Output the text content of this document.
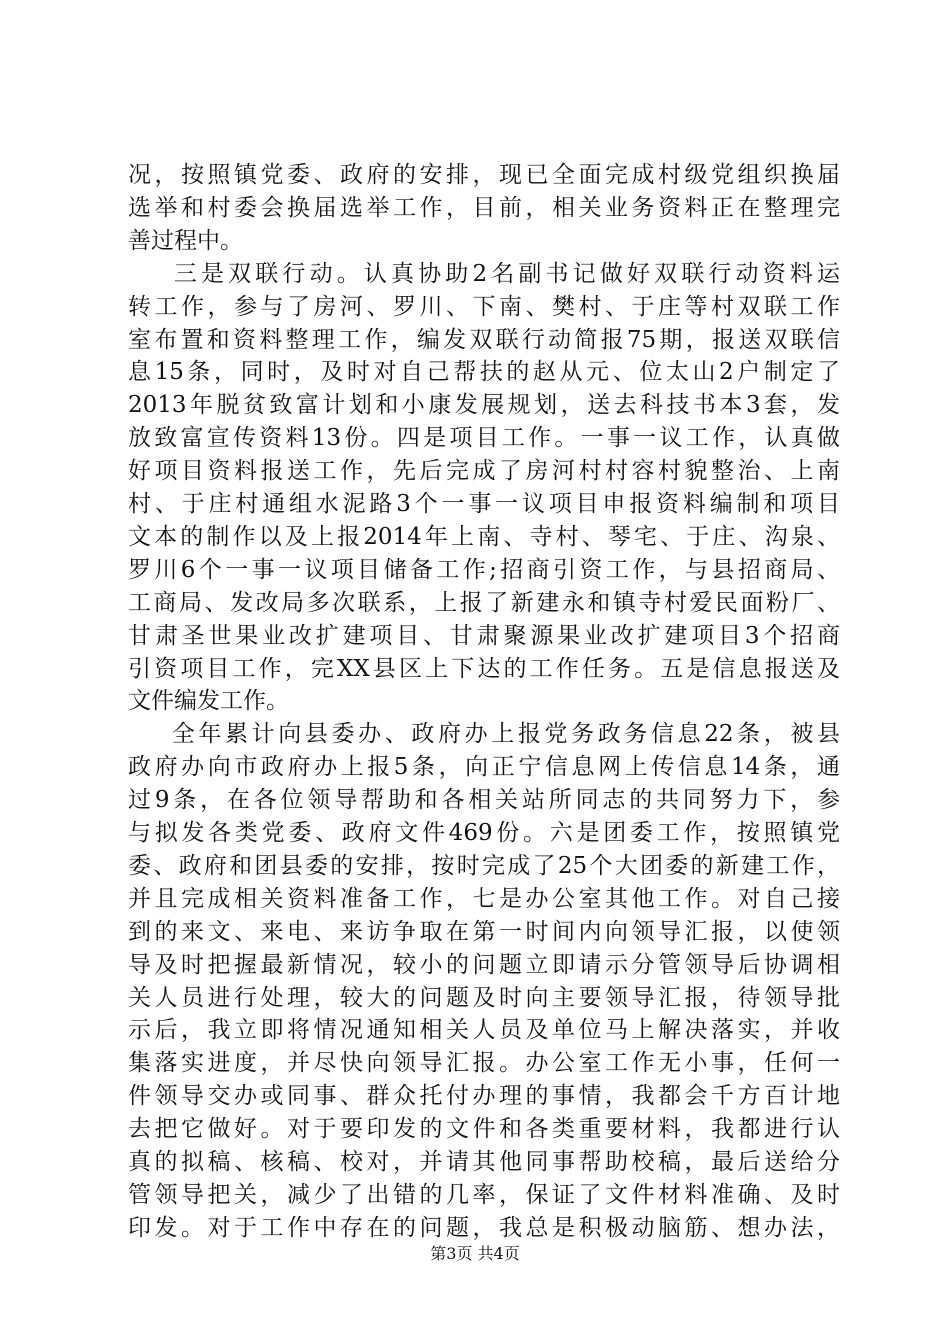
况，按照镇党委、政府的安排，现已全面完成村级党组织换届
选举和村委会换届选举工作，目前，相关业务资料正在整理完
善过程中。
三是双联行动。认真协助2名副书记做好双联行动资料运
转工作，参与了房河、罗川、下南、樊村、于庄等村双联工作
室布置和资料整理工作，编发双联行动简报75期，报送双联信
息15条，同时，及时对自己帮扶的赵从元、位太山2户制定了
2013年脱贫致富计划和小康发展规划，送去科技书本3套，发
放致富宣传资料13份。四是项目工作。一事一议工作，认真做
好项目资料报送工作，先后完成了房河村村容村貌整治、上南
村、于庄村通组水泥路3个一事一议项目申报资料编制和项目
文本的制作以及上报2014年上南、寺村、琴宅、于庄、沟泉、
罗川6个一事一议项目储备工作;招商引资工作，与县招商局、
工商局、发改局多次联系，上报了新建永和镇寺村爱民面粉厂、
甘肃圣世果业改扩建项目、甘肃聚源果业改扩建项目3个招商
引资项目工作，完XX县区上下达的工作任务。五是信息报送及
文件编发工作。
全年累计向县委办、政府办上报党务政务信息22条，被县
政府办向市政府办上报5条，向正宁信息网上传信息14条，通
过9条，在各位领导帮助和各相关站所同志的共同努力下，参
与拟发各类党委、政府文件469份。六是团委工作，按照镇党
委、政府和团县委的安排，按时完成了25个大团委的新建工作，
并且完成相关资料准备工作，七是办公室其他工作。对自己接
到的来文、来电、来访争取在第一时间内向领导汇报，以使领
导及时把握最新情况，较小的问题立即请示分管领导后协调相
关人员进行处理，较大的问题及时向主要领导汇报，待领导批
示后，我立即将情况通知相关人员及单位马上解决落实，并收
集落实进度，并尽快向领导汇报。办公室工作无小事，任何一
件领导交办或同事、群众托付办理的事情，我都会千方百计地
去把它做好。对于要印发的文件和各类重要材料，我都进行认
真的拟稿、核稿、校对，并请其他同事帮助校稿，最后送给分
管领导把关，减少了出错的几率，保证了文件材料准确、及时
印发。对于工作中存在的问题，我总是积极动脑筋、想办法，
第3页 共4页
